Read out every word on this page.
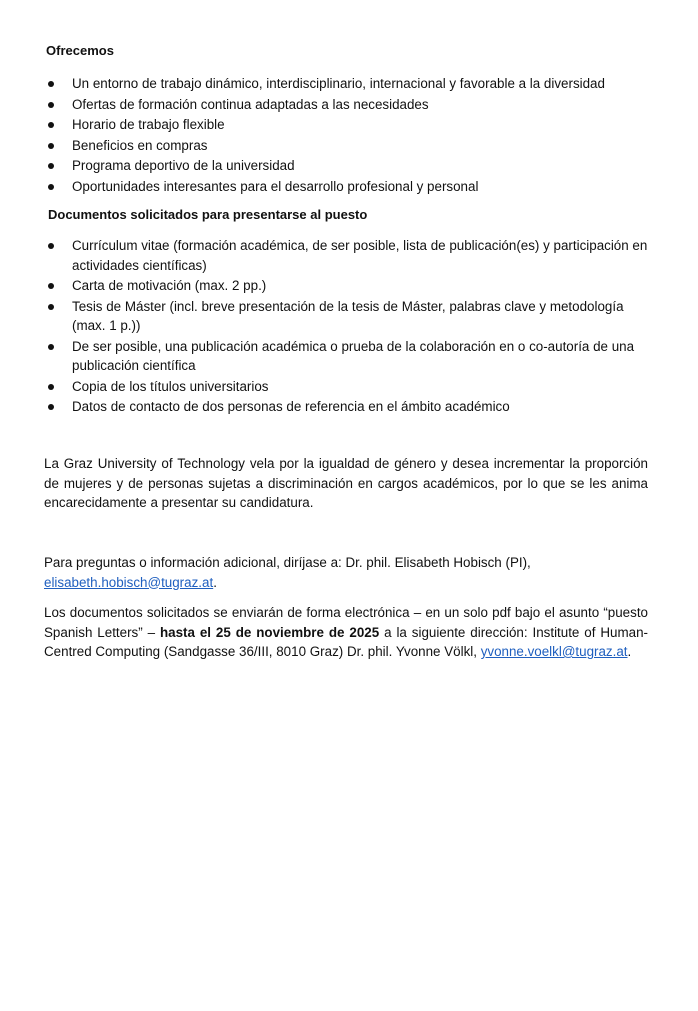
Ofrecemos
Un entorno de trabajo dinámico, interdisciplinario, internacional y favorable a la diversidad
Ofertas de formación continua adaptadas a las necesidades
Horario de trabajo flexible
Beneficios en compras
Programa deportivo de la universidad
Oportunidades interesantes para el desarrollo profesional y personal
Documentos solicitados para presentarse al puesto
Currículum vitae (formación académica, de ser posible, lista de publicación(es) y participación en actividades científicas)
Carta de motivación (max. 2 pp.)
Tesis de Máster (incl. breve presentación de la tesis de Máster, palabras clave y metodología (max. 1 p.))
De ser posible, una publicación académica o prueba de la colaboración en o co-autoría de una publicación científica
Copia de los títulos universitarios
Datos de contacto de dos personas de referencia en el ámbito académico

La Graz University of Technology vela por la igualdad de género y desea incrementar la proporción de mujeres y de personas sujetas a discriminación en cargos académicos, por lo que se les anima encarecidamente a presentar su candidatura.

Para preguntas o información adicional, diríjase a: Dr. phil. Elisabeth Hobisch (PI),
elisabeth.hobisch@tugraz.at.

Los documentos solicitados se enviarán de forma electrónica – en un solo pdf bajo el asunto “puesto Spanish Letters” – hasta el 25 de noviembre de 2025 a la siguiente dirección: Institute of Human-Centred Computing (Sandgasse 36/III, 8010 Graz) Dr. phil. Yvonne Völkl, yvonne.voelkl@tugraz.at.
